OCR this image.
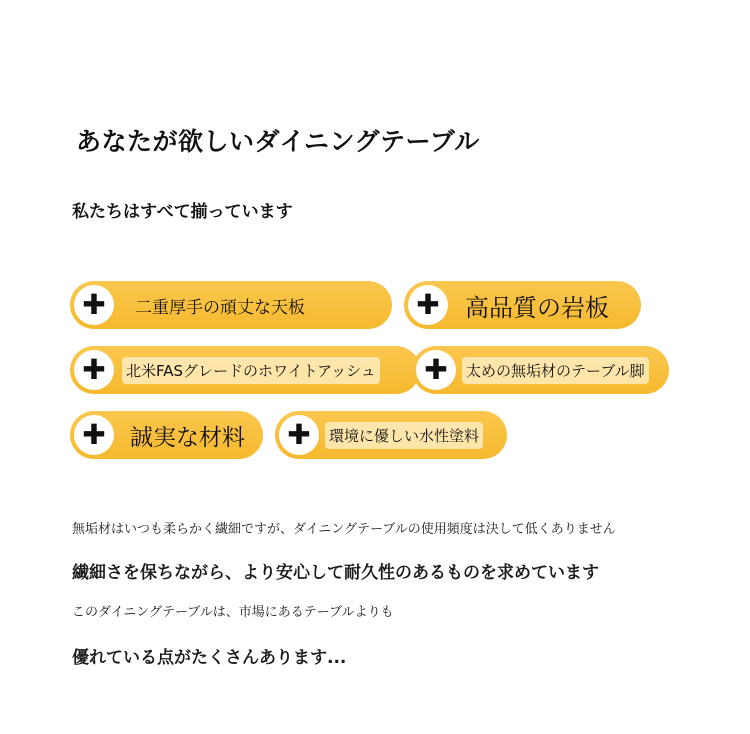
あなたが欲しいダイニングテーブル
私たちはすべて揃っています
✚	二重厚手の頑丈な天板	✚	高品質の岩板
✚	北米FASグレードのホワイトアッシュ ✚	太めの無垢材のテーブル脚
✚	誠実な材料 ✚	環境に優しい水性塗料
無垢材はいつも柔らかく繊細ですが、ダイニングテーブルの使用頻度は決して低くありません
繊細さを保ちながら、より安心して耐久性のあるものを求めています
このダイニングテーブルは、市場にあるテーブルよりも
優れている点がたくさんあります...
